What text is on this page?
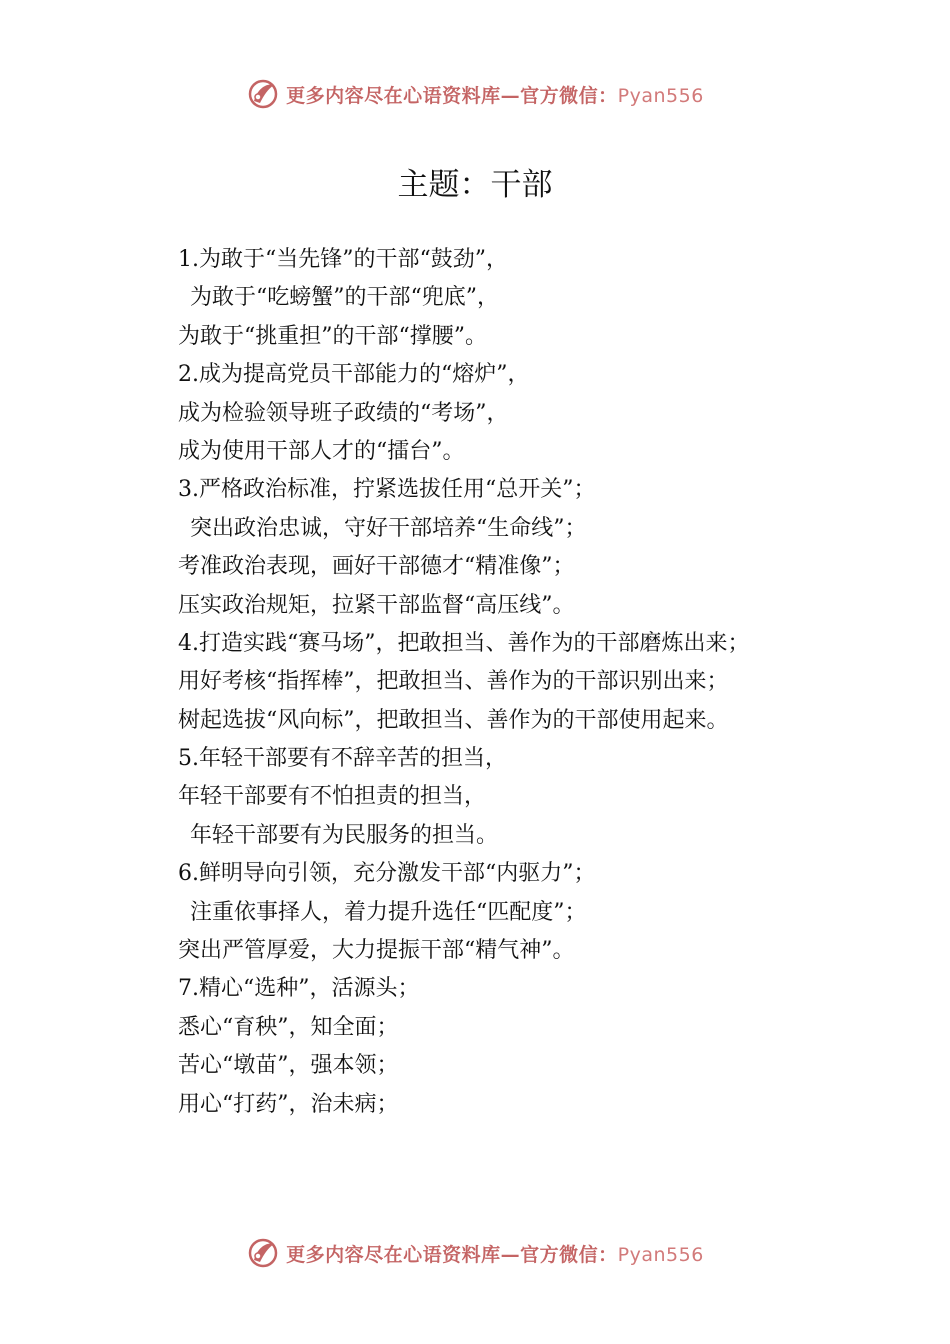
更多内容尽在心语资料库—官方微信：Pyan556
主题：干部
1.为敢于“当先锋”的干部“鼓劲”，
为敢于“吃螃蟹”的干部“兜底”，
为敢于“挑重担”的干部“撑腰”。
2.成为提高党员干部能力的“熔炉”，
成为检验领导班子政绩的“考场”，
成为使用干部人才的“擂台”。
3.严格政治标准，拧紧选拔任用“总开关”；
突出政治忠诚，守好干部培养“生命线”；
考准政治表现，画好干部德才“精准像”；
压实政治规矩，拉紧干部监督“高压线”。
4.打造实践“赛马场”，把敢担当、善作为的干部磨炼出来；
用好考核“指挥棒”，把敢担当、善作为的干部识别出来；
树起选拔“风向标”，把敢担当、善作为的干部使用起来。
5.年轻干部要有不辞辛苦的担当，
年轻干部要有不怕担责的担当，
年轻干部要有为民服务的担当。
6.鲜明导向引领，充分激发干部“内驱力”；
注重依事择人，着力提升选任“匹配度”；
突出严管厚爱，大力提振干部“精气神”。
7.精心“选种”，活源头；
悉心“育秧”，知全面；
苦心“墩苗”，强本领；
用心“打药”，治未病；
更多内容尽在心语资料库—官方微信：Pyan556
